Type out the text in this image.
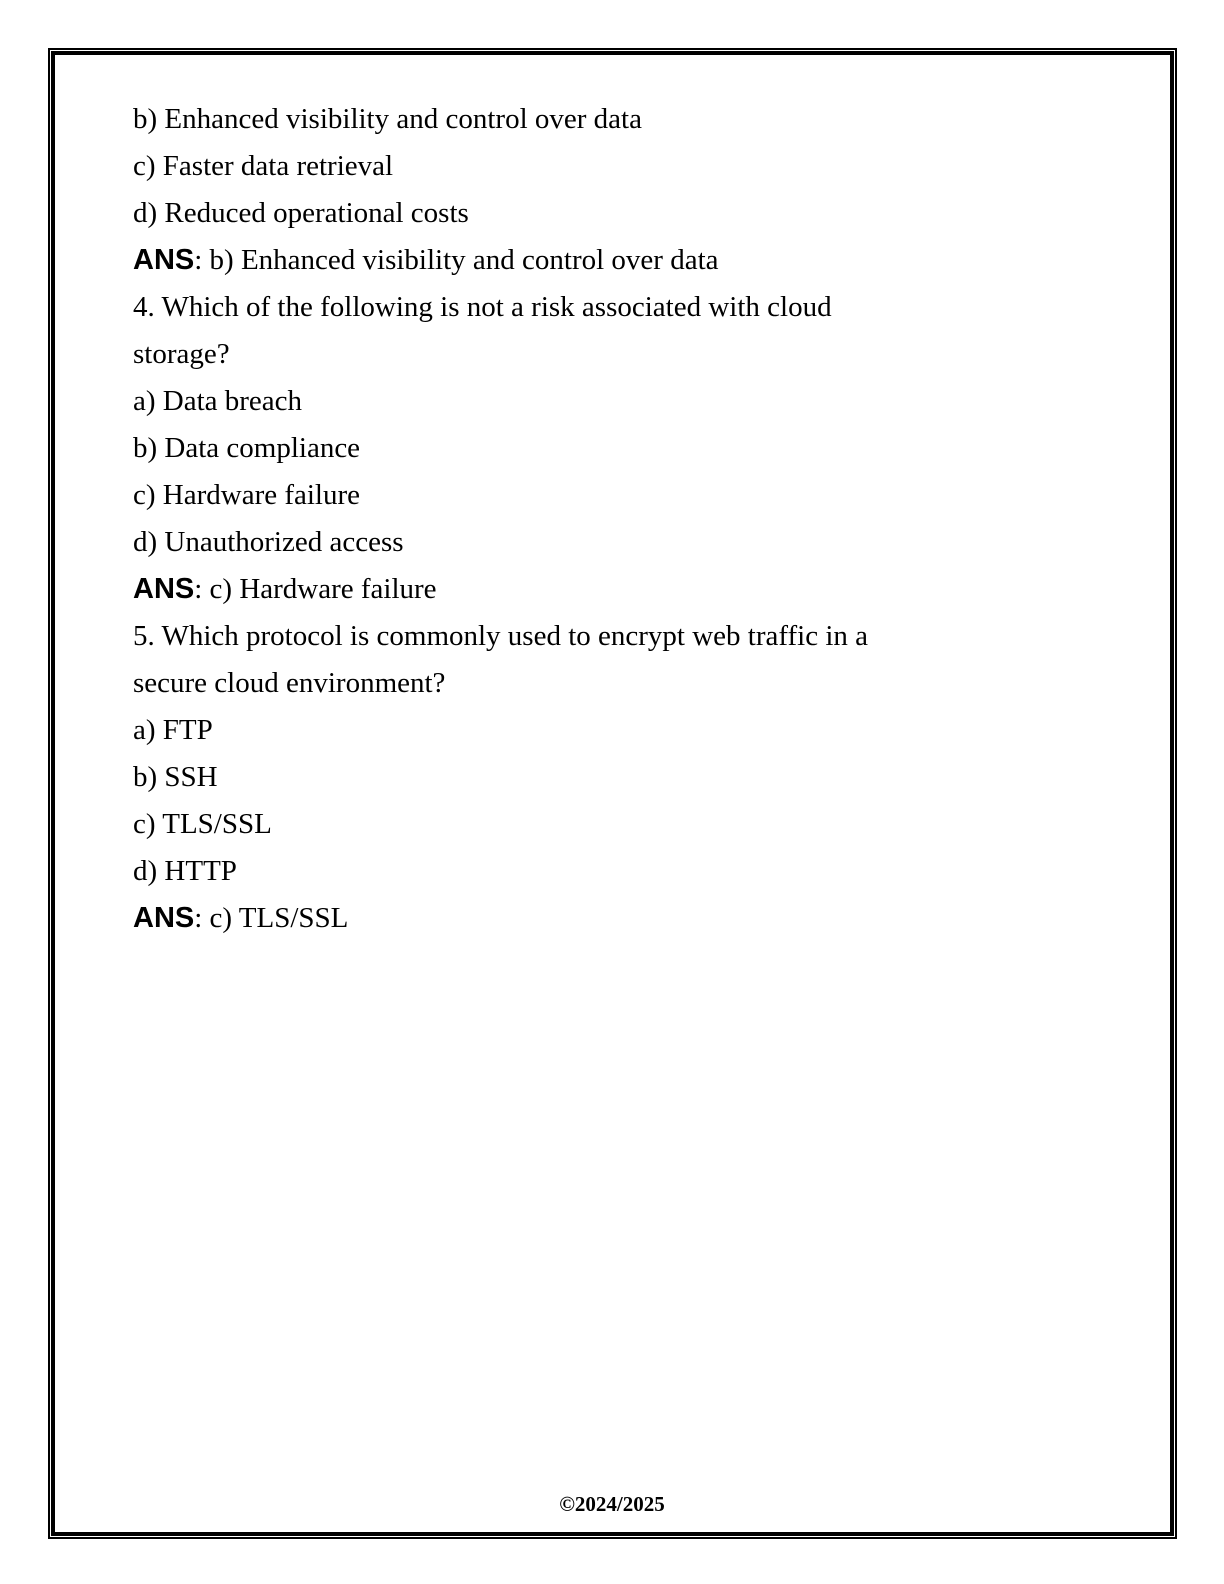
b) Enhanced visibility and control over data

c) Faster data retrieval

d) Reduced operational costs

ANS: b) Enhanced visibility and control over data

4. Which of the following is not a risk associated with cloud
storage?

a) Data breach

b) Data compliance

c) Hardware failure

d) Unauthorized access

ANS: c) Hardware failure

5. Which protocol is commonly used to encrypt web traffic in a
secure cloud environment?

a) FTP

b) SSH

c) TLS/SSL

d) HTTP

ANS: c) TLS/SSL

©2024/2025
